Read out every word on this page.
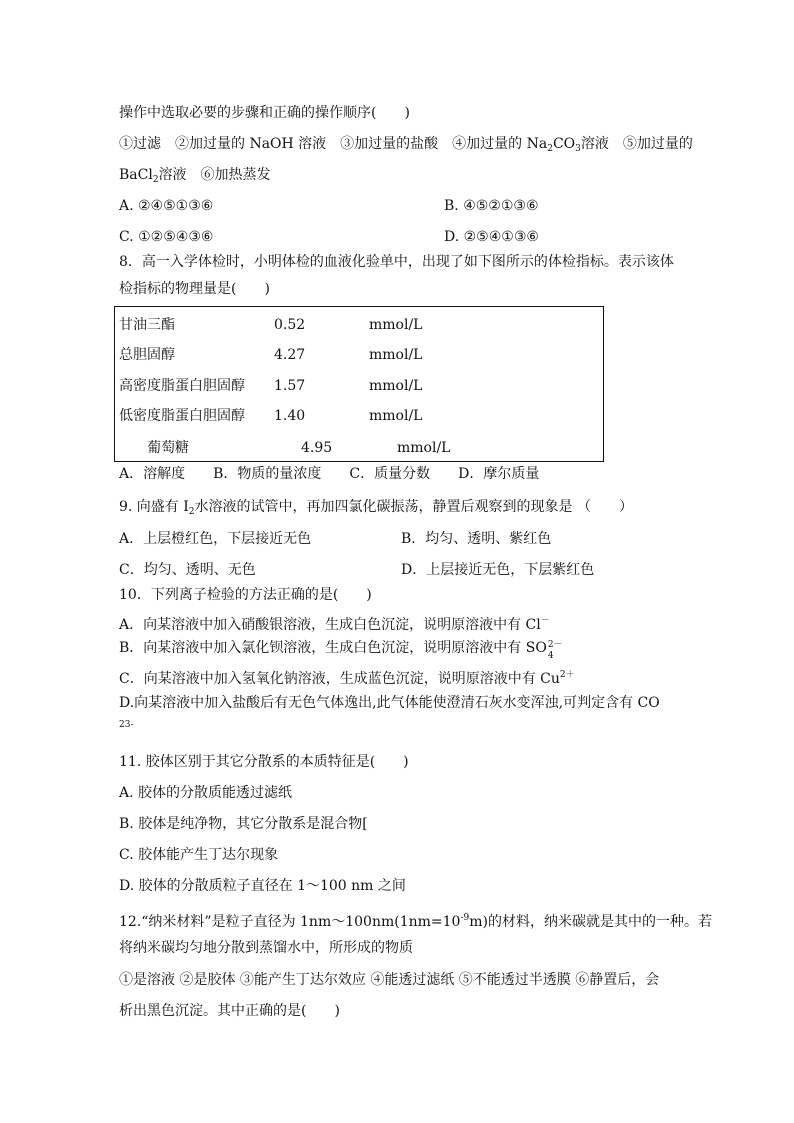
操作中选取必要的步骤和正确的操作顺序(　　)
①过滤　②加过量的 NaOH 溶液　③加过量的盐酸　④加过量的 $Na_2CO_3$溶液　⑤加过量的
BaCl$_2$溶液　⑥加热蒸发
A. ②④⑤①③⑥	B. ④⑤②①③⑥
C. ①②⑤④③⑥	D. ②⑤④①③⑥
8．高一入学体检时，小明体检的血液化验单中，出现了如下图所示的体检指标。表示该体
检指标的物理量是(　　)
甘油三酯	0.52	mmol/L
总胆固醇	4.27	mmol/L
高密度脂蛋白胆固醇 1.57	mmol/L
低密度脂蛋白胆固醇 1.40	mmol/L
葡萄糖	4.95	mmol/L
A．溶解度　　B．物质的量浓度　　C．质量分数　　D．摩尔质量
9. 向盛有 $I_2$水溶液的试管中，再加四氯化碳振荡，静置后观察到的现象是 （　　）
A．上层橙红色，下层接近无色	B．均匀、透明、紫红色
C．均匀、透明、无色	D．上层接近无色，下层紫红色
10．下列离子检验的方法正确的是(　　)
A．向某溶液中加入硝酸银溶液，生成白色沉淀，说明原溶液中有 Cl－
B．向某溶液中加入氯化钡溶液，生成白色沉淀，说明原溶液中有 SO 2－
4
C．向某溶液中加入氢氧化钠溶液，生成蓝色沉淀，说明原溶液中有 $Cu^{2+}$
D.向某溶液中加入盐酸后有无色气体逸出,此气体能使澄清石灰水变浑浊,可判定含有 CO
23-
11. 胶体区别于其它分散系的本质特征是(　　)
A. 胶体的分散质能透过滤纸
B. 胶体是纯净物，其它分散系是混合物[
C. 胶体能产生丁达尔现象
D. 胶体的分散质粒子直径在 1～100 nm 之间
12.“纳米材料”是粒子直径为 $1nm\sim 100nm(1nm=10^{-9}m)$的材料，纳米碳就是其中的一种。若
将纳米碳均匀地分散到蒸馏水中，所形成的物质
①是溶液 ②是胶体 ③能产生丁达尔效应 ④能透过滤纸 ⑤不能透过半透膜 ⑥静置后，会
析出黑色沉淀。其中正确的是(　　)
